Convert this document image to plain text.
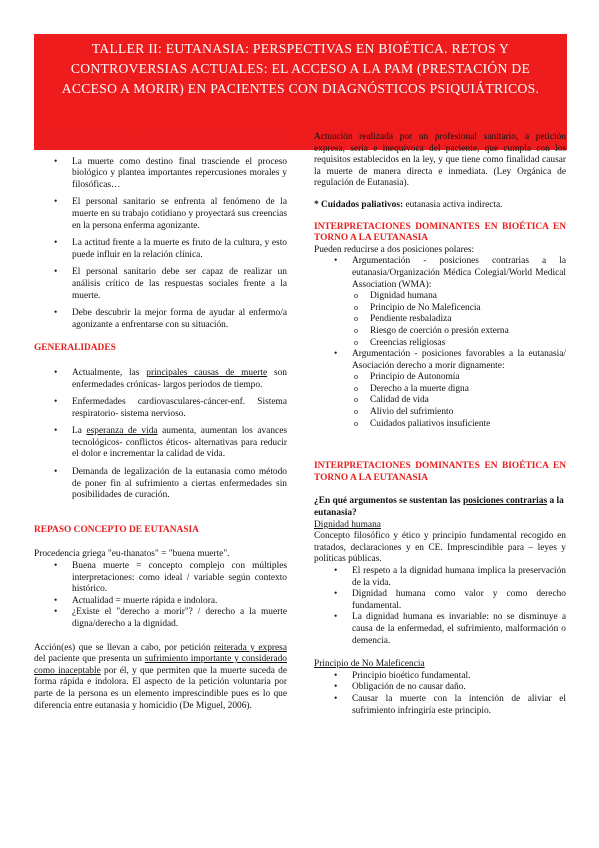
TALLER II: EUTANASIA: PERSPECTIVAS EN BIOÉTICA. RETOS Y CONTROVERSIAS ACTUALES: EL ACCESO A LA PAM (PRESTACIÓN DE ACCESO A MORIR) EN PACIENTES CON DIAGNÓSTICOS PSIQUIÁTRICOS.

LA MUERTE COMO FENÓMENO SOCIAL Y BIOLÓGICO

• La muerte como destino final trasciende el proceso biológico y plantea importantes repercusiones morales y filosóficas…
• El personal sanitario se enfrenta al fenómeno de la muerte en su trabajo cotidiano y proyectará sus creencias en la persona enferma agonizante.
• La actitud frente a la muerte es fruto de la cultura, y esto puede influir en la relación clínica.
• El personal sanitario debe ser capaz de realizar un análisis crítico de las respuestas sociales frente a la muerte.
• Debe descubrir la mejor forma de ayudar al enfermo/a agonizante a enfrentarse con su situación.

GENERALIDADES

• Actualmente, las principales causas de muerte son enfermedades crónicas- largos periodos de tiempo.
• Enfermedades cardiovasculares-cáncer-enf. Sistema respiratorio- sistema nervioso.
• La esperanza de vida aumenta, aumentan los avances tecnológicos- conflictos éticos- alternativas para reducir el dolor e incrementar la calidad de vida.
• Demanda de legalización de la eutanasia como método de poner fin al sufrimiento a ciertas enfermedades sin posibilidades de curación.

REPASO CONCEPTO DE EUTANASIA

Procedencia griega "eu-thanatos" = "buena muerte".

• Buena muerte = concepto complejo con múltiples interpretaciones: como ideal / variable según contexto histórico.
• Actualidad = muerte rápida e indolora.
• ¿Existe el "derecho a morir"? / derecho a la muerte digna/derecho a la dignidad.

Acción(es) que se llevan a cabo, por petición reiterada y expresa del paciente que presenta un sufrimiento importante y considerado como inaceptable por él, y que permiten que la muerte suceda de forma rápida e indolora. El aspecto de la petición voluntaria por parte de la persona es un elemento imprescindible pues es lo que diferencia entre eutanasia y homicidio (De Miguel, 2006).

Actuación realizada por un profesional sanitario, a petición expresa, seria e inequívoca del paciente, que cumpla con los requisitos establecidos en la ley, y que tiene como finalidad causar la muerte de manera directa e inmediata. (Ley Orgánica de regulación de Eutanasia).

* Cuidados paliativos: eutanasia activa indirecta.

INTERPRETACIONES DOMINANTES EN BIOÉTICA EN TORNO A LA EUTANASIA

Pueden reducirse a dos posiciones polares:

• Argumentación - posiciones contrarias a la eutanasia/Organización Médica Colegial/World Medical Association (WMA):
o Dignidad humana
o Principio de No Maleficencia
o Pendiente resbaladiza
o Riesgo de coerción o presión externa
o Creencias religiosas
• Argumentación - posiciones favorables a la eutanasia/ Asociación derecho a morir dignamente:
o Principio de Autonomía
o Derecho a la muerte digna
o Calidad de vida
o Alivio del sufrimiento
o Cuidados paliativos insuficiente

INTERPRETACIONES DOMINANTES EN BIOÉTICA EN TORNO A LA EUTANASIA

¿En qué argumentos se sustentan las posiciones contrarias a la eutanasia?

Dignidad humana

Concepto filosófico y ético y principio fundamental recogido en tratados, declaraciones y en CE. Imprescindible para – leyes y políticas públicas.

• El respeto a la dignidad humana implica la preservación de la vida.
• Dignidad humana como valor y como derecho fundamental.
• La dignidad humana es invariable: no se disminuye a causa de la enfermedad, el sufrimiento, malformación o demencia.

Principio de No Maleficencia

• Principio bioético fundamental.
• Obligación de no causar daño.
• Causar la muerte con la intención de aliviar el sufrimiento infringiría este principio.
